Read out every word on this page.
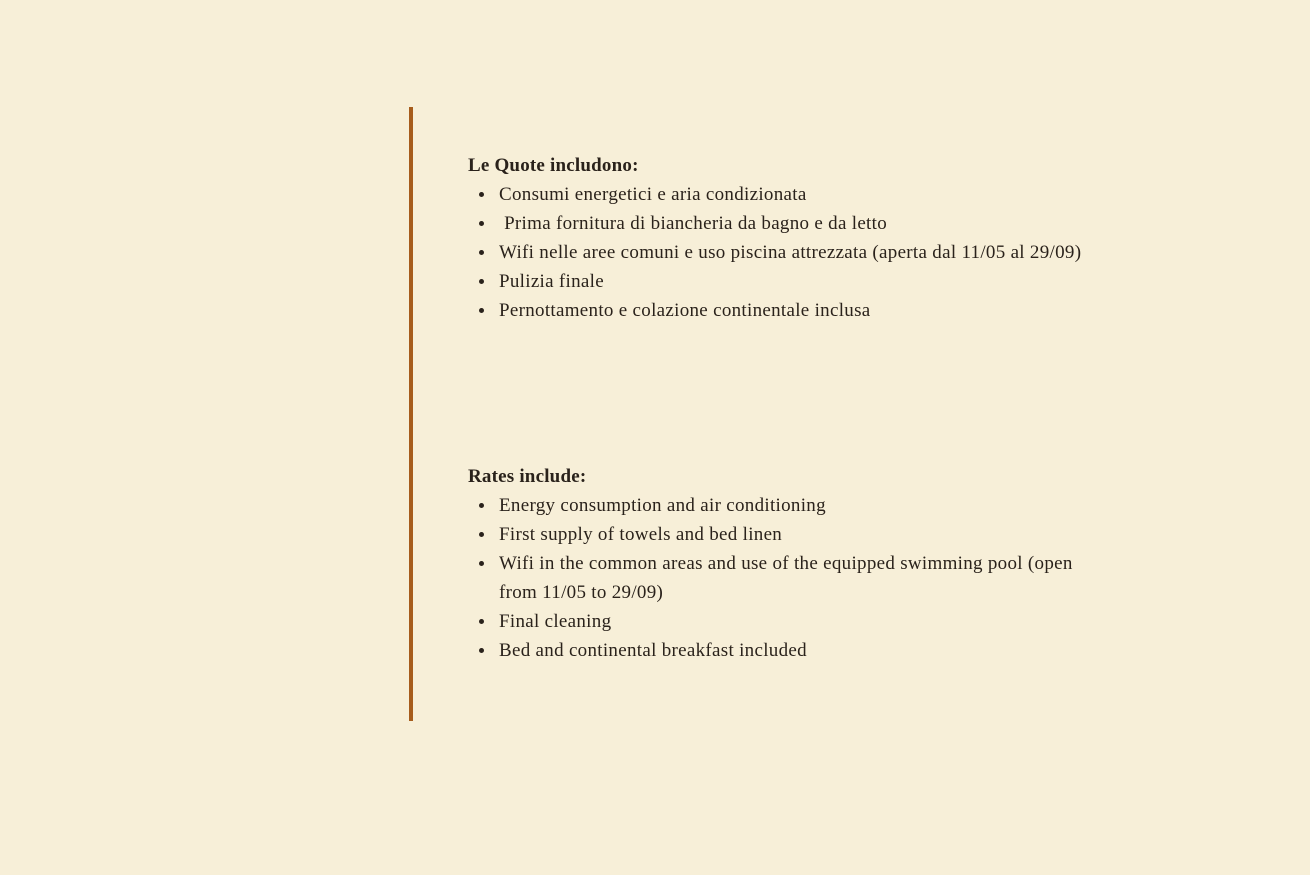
Le Quote includono:
Consumi energetici e aria condizionata
Prima fornitura di biancheria da bagno e da letto
Wifi nelle aree comuni e uso piscina attrezzata (aperta dal 11/05 al 29/09)
Pulizia finale
Pernottamento e colazione continentale inclusa
Rates include:
Energy consumption and air conditioning
First supply of towels and bed linen
Wifi in the common areas and use of the equipped swimming pool (open from 11/05 to 29/09)
Final cleaning
Bed and continental breakfast included
